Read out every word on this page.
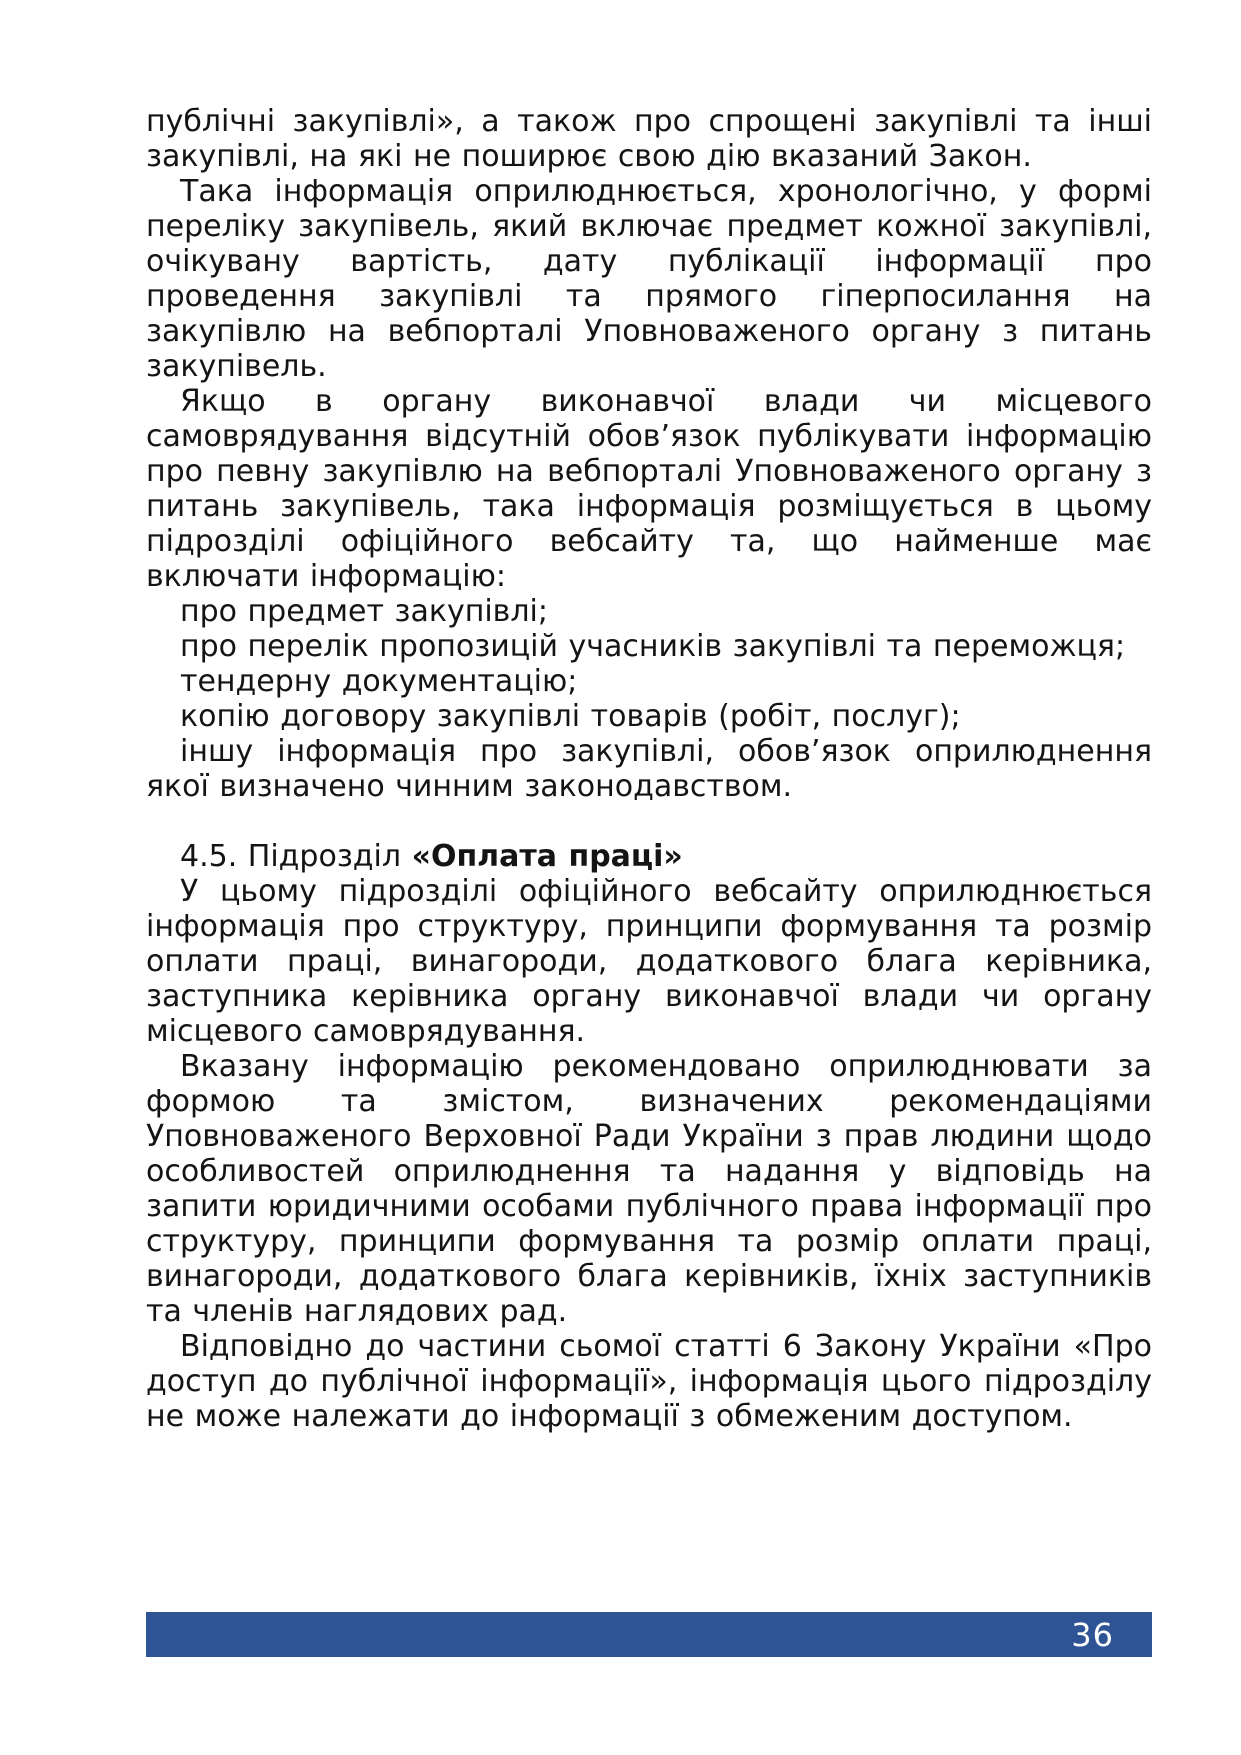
публічні закупівлі», а також про спрощені закупівлі та інші закупівлі, на які не поширює свою дію вказаний Закон.

Така інформація оприлюднюється, хронологічно, у формі переліку закупівель, який включає предмет кожної закупівлі, очікувану вартість, дату публікації інформації про проведення закупівлі та прямого гіперпосилання на закупівлю на вебпорталі Уповноваженого органу з питань закупівель.

Якщо в органу виконавчої влади чи місцевого самоврядування відсутній обов’язок публікувати інформацію про певну закупівлю на вебпорталі Уповноваженого органу з питань закупівель, така інформація розміщується в цьому підрозділі офіційного вебсайту та, що найменше має включати інформацію:

про предмет закупівлі;

про перелік пропозицій учасників закупівлі та переможця;

тендерну документацію;

копію договору закупівлі товарів (робіт, послуг);

іншу інформація про закупівлі, обов’язок оприлюднення якої визначено чинним законодавством.

4.5. Підрозділ «Оплата праці»

У цьому підрозділі офіційного вебсайту оприлюднюється інформація про структуру, принципи формування та розмір оплати праці, винагороди, додаткового блага керівника, заступника керівника органу виконавчої влади чи органу місцевого самоврядування.

Вказану інформацію рекомендовано оприлюднювати за формою та змістом, визначених рекомендаціями Уповноваженого Верховної Ради України з прав людини щодо особливостей оприлюднення та надання у відповідь на запити юридичними особами публічного права інформації про структуру, принципи формування та розмір оплати праці, винагороди, додаткового блага керівників, їхніх заступників та членів наглядових рад.

Відповідно до частини сьомої статті 6 Закону України «Про доступ до публічної інформації», інформація цього підрозділу не може належати до інформації з обмеженим доступом.

36
